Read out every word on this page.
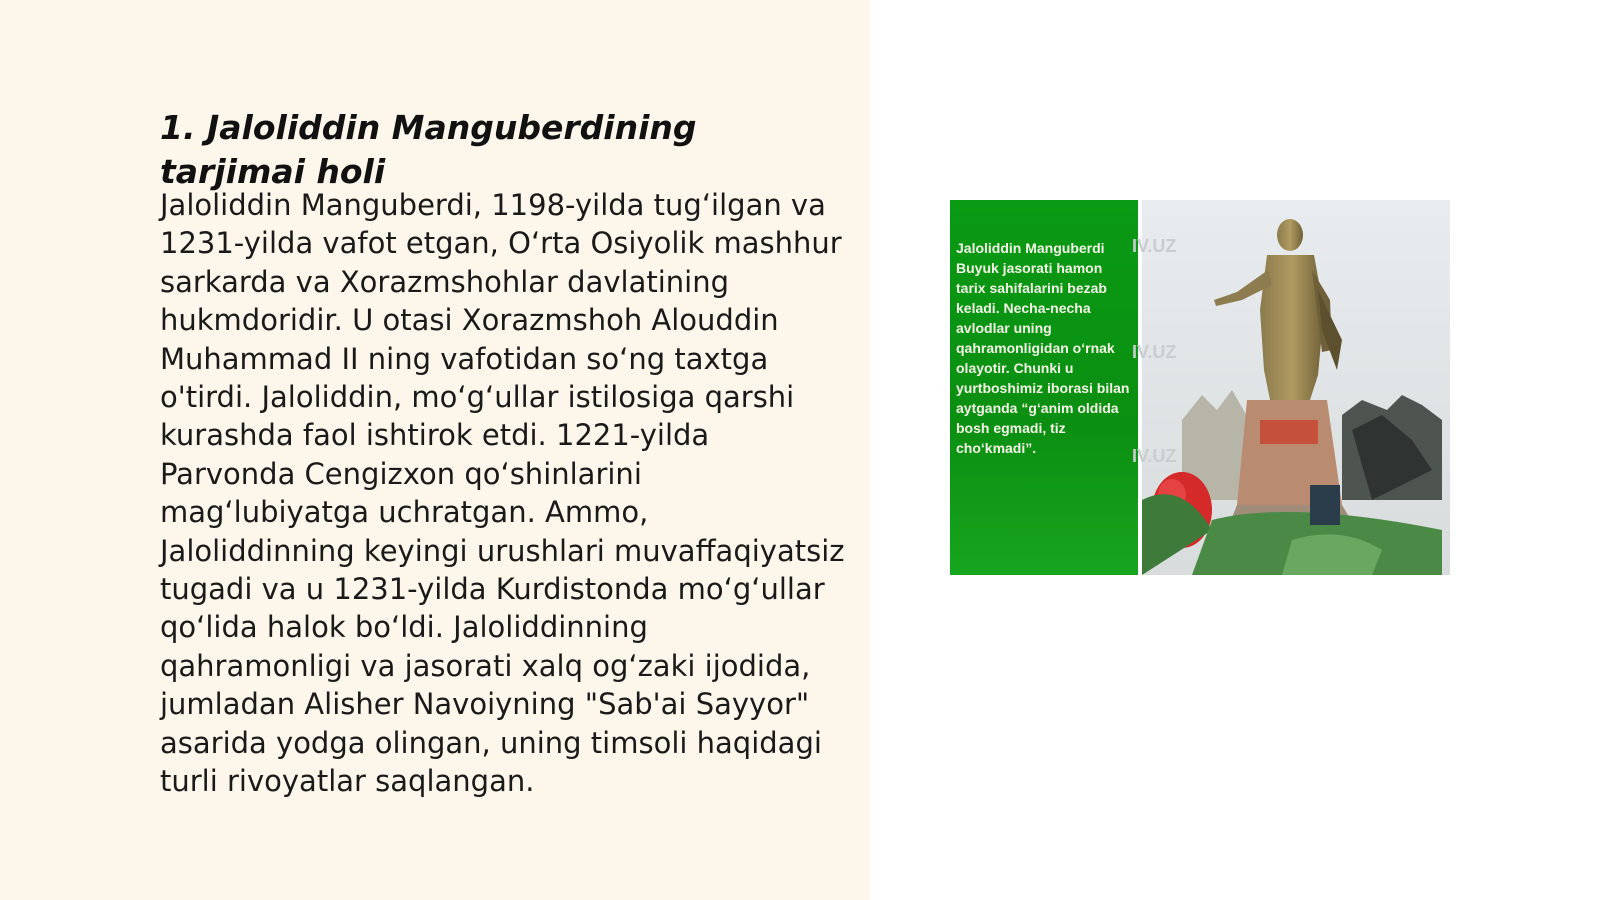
1. Jaloliddin Manguberdining tarjimai holi

Jaloliddin Manguberdi, 1198-yilda tug‘ilgan va 1231-yilda vafot etgan, O‘rta Osiyolik mashhur sarkarda va Xorazmshohlar davlatining hukmdoridir. U otasi Xorazmshoh Alouddin Muhammad II ning vafotidan so‘ng taxtga o'tirdi. Jaloliddin, mo‘g‘ullar istilosiga qarshi kurashda faol ishtirok etdi. 1221-yilda Parvonda Cengizxon qo‘shinlarini mag‘lubiyatga uchratgan. Ammo, Jaloliddinning keyingi urushlari muvaffaqiyatsiz tugadi va u 1231-yilda Kurdistonda mo‘g‘ullar qo‘lida halok bo‘ldi. Jaloliddinning qahramonligi va jasorati xalq og‘zaki ijodida, jumladan Alisher Navoiyning "Sab'ai Sayyor" asarida yodga olingan, uning timsoli haqidagi turli rivoyatlar saqlangan.

Jaloliddin Manguberdi Buyuk jasorati hamon tarix sahifalarini bezab keladi. Necha-necha avlodlar uning qahramonligidan o‘rnak olayotir. Chunki u yurtboshimiz iborasi bilan aytganda “g‘anim oldida bosh egmadi, tiz cho‘kmadi”.

IV.UZ
IV.UZ
IV.UZ
